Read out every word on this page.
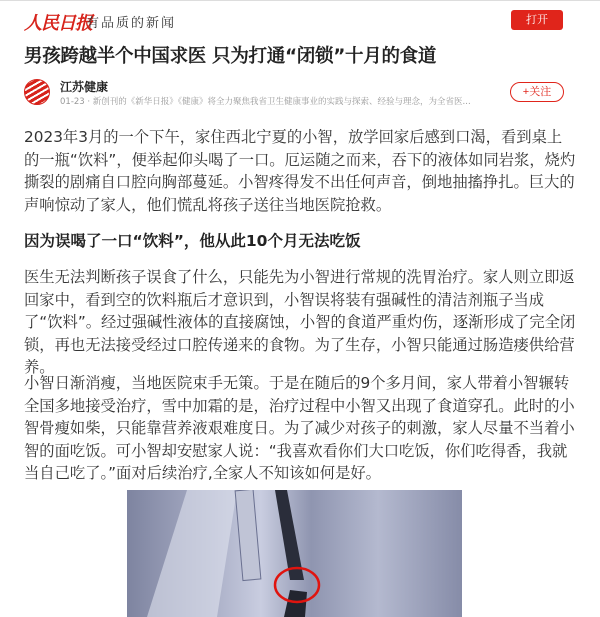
人民日报
有品质的新闻	打开
男孩跨越半个中国求医 只为打通“闭锁”十月的食道
江苏健康
01-23 · 新创刊的《新华日报》《健康》将全力聚焦我省卫生健康事业的实践与探索、经验与理念，为全省医...
+关注

2023年3月的一个下午，家住西北宁夏的小智，放学回家后感到口渴，看到桌上的一瓶“饮料”，便举起仰头喝了一口。厄运随之而来，吞下的液体如同岩浆，烧灼撕裂的剧痛自口腔向胸部蔓延。小智疼得发不出任何声音，倒地抽搐挣扎。巨大的声响惊动了家人，他们慌乱将孩子送往当地医院抢救。

因为误喝了一口“饮料”，他从此10个月无法吃饭

医生无法判断孩子误食了什么，只能先为小智进行常规的洗胃治疗。家人则立即返回家中，看到空的饮料瓶后才意识到，小智误将装有强碱性的清洁剂瓶子当成了“饮料”。经过强碱性液体的直接腐蚀，小智的食道严重灼伤，逐渐形成了完全闭锁，再也无法接受经过口腔传递来的食物。为了生存，小智只能通过肠造瘘供给营养。

小智日渐消瘦，当地医院束手无策。于是在随后的9个多月间，家人带着小智辗转全国多地接受治疗，雪中加霜的是，治疗过程中小智又出现了食道穿孔。此时的小智骨瘦如柴，只能靠营养液艰难度日。为了减少对孩子的刺激，家人尽量不当着小智的面吃饭。可小智却安慰家人说：“我喜欢看你们大口吃饭，你们吃得香，我就当自己吃了。”面对后续治疗,全家人不知该如何是好。
